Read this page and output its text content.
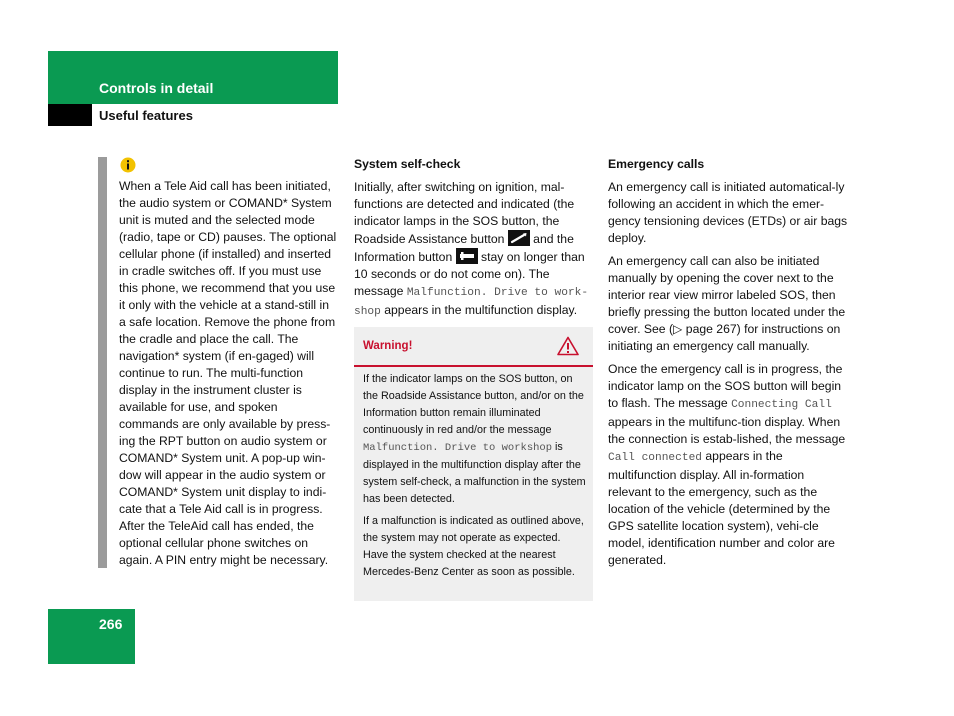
Controls in detail
Useful features

When a Tele Aid call has been initiated, the audio system or COMAND* System unit is muted and the selected mode (radio, tape or CD) pauses. The optional cellular phone (if installed) and inserted in cradle switches off. If you must use this phone, we recommend that you use it only with the vehicle at a stand-still in a safe location. Remove the phone from the cradle and place the call. The navigation* system (if en-gaged) will continue to run. The multi-function display in the instrument cluster is available for use, and spoken commands are only available by press-ing the RPT button on audio system or COMAND* System unit. A pop-up win-dow will appear in the audio system or COMAND* System unit display to indi-cate that a Tele Aid call is in progress. After the TeleAid call has ended, the optional cellular phone switches on again. A PIN entry might be necessary.

System self-check

Initially, after switching on ignition, mal-functions are detected and indicated (the indicator lamps in the SOS button, the Roadside Assistance button
and the Information button
stay on longer than 10 seconds or do not come on). The message Malfunction. Drive to work-shop appears in the multifunction display.

Warning!

If the indicator lamps on the SOS button, on the Roadside Assistance button, and/or on the Information button remain illuminated continuously in red and/or the message Malfunction. Drive to workshop is displayed in the multifunction display after the system self-check, a malfunction in the system has been detected.

If a malfunction is indicated as outlined above, the system may not operate as expected. Have the system checked at the nearest Mercedes-Benz Center as soon as possible.

Emergency calls

An emergency call is initiated automatical-ly following an accident in which the emer-gency tensioning devices (ETDs) or air bags deploy.

An emergency call can also be initiated manually by opening the cover next to the interior rear view mirror labeled SOS, then briefly pressing the button located under the cover. See (▷ page 267) for instructions on initiating an emergency call manually.

Once the emergency call is in progress, the indicator lamp on the SOS button will begin to flash. The message Connecting Call appears in the multifunc-tion display. When the connection is estab-lished, the message Call connected appears in the multifunction display. All in-formation relevant to the emergency, such as the location of the vehicle (determined by the GPS satellite location system), vehi-cle model, identification number and color are generated.

266
